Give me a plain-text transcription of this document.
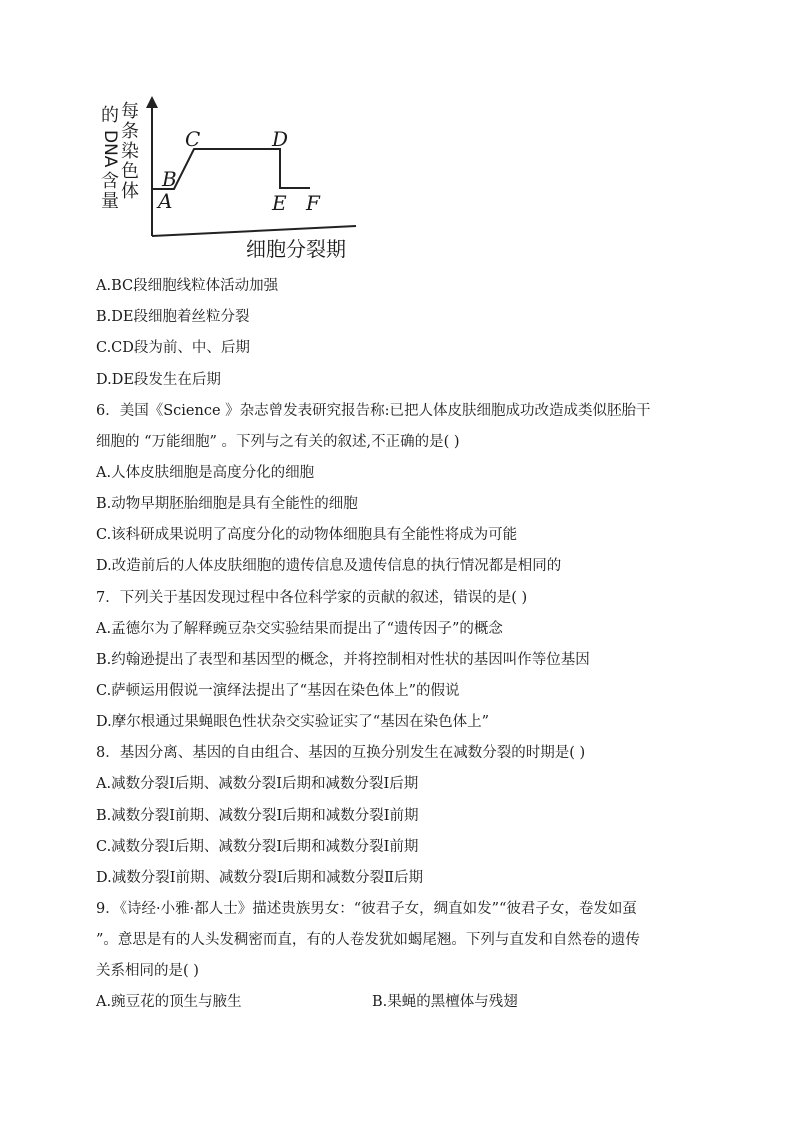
A
B
C	D
E F
细胞分裂期
每
条
染
色
体
的
DNA
含
量
A.BC段细胞线粒体活动加强
B.DE段细胞着丝粒分裂
C.CD段为前、中、后期
D.DE段发生在后期
6．美国《Science 》杂志曾发表研究报告称:已把人体皮肤细胞成功改造成类似胚胎干
细胞的 “万能细胞” 。下列与之有关的叙述,不正确的是( )
A.人体皮肤细胞是高度分化的细胞
B.动物早期胚胎细胞是具有全能性的细胞
C.该科研成果说明了高度分化的动物体细胞具有全能性将成为可能
D.改造前后的人体皮肤细胞的遗传信息及遗传信息的执行情况都是相同的
7．下列关于基因发现过程中各位科学家的贡献的叙述，错误的是( )
A.孟德尔为了解释豌豆杂交实验结果而提出了“遗传因子”的概念
B.约翰逊提出了表型和基因型的概念，并将控制相对性状的基因叫作等位基因
C.萨顿运用假说一演绎法提出了“基因在染色体上”的假说
D.摩尔根通过果蝇眼色性状杂交实验证实了“基因在染色体上”
8．基因分离、基因的自由组合、基因的互换分别发生在减数分裂的时期是( )
A.减数分裂Ⅰ后期、减数分裂Ⅰ后期和减数分裂Ⅰ后期
B.减数分裂Ⅰ前期、减数分裂Ⅰ后期和减数分裂Ⅰ前期
C.减数分裂Ⅰ后期、减数分裂Ⅰ后期和减数分裂Ⅰ前期
D.减数分裂Ⅰ前期、减数分裂Ⅰ后期和减数分裂Ⅱ后期
9．《诗经·小雅·都人士》描述贵族男女：“彼君子女，绸直如发”“彼君子女，卷发如虿
”。意思是有的人头发稠密而直，有的人卷发犹如蝎尾翘。下列与直发和自然卷的遗传
关系相同的是( )
A.豌豆花的顶生与腋生	B.果蝇的黑檀体与残翅
